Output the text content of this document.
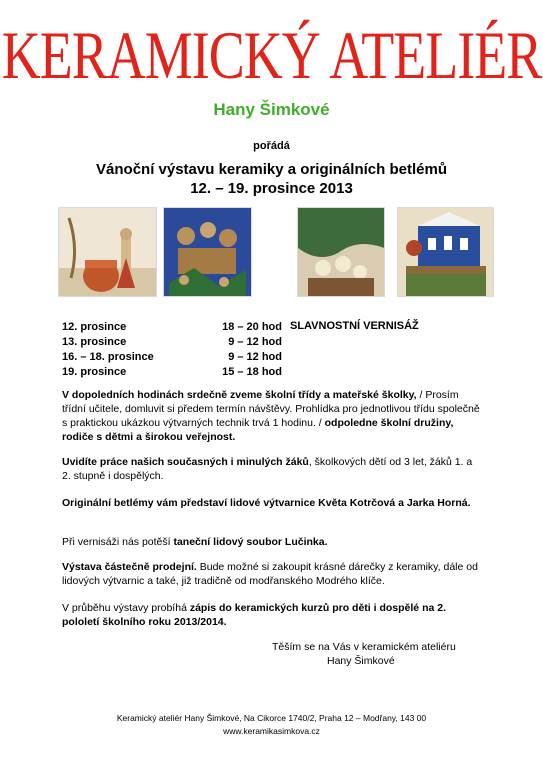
KERAMICKÝ ATELIÉR
Hany Šimkové
pořádá
Vánoční výstavu keramiky a originálních betlémů
12. – 19. prosince 2013
12. prosince	18 – 20 hod
13. prosince	9 – 12 hod
16. – 18. prosince	9 – 12 hod
19. prosince	15 – 18 hod
SLAVNOSTNÍ VERNISÁŽ
V dopoledních hodinách srdečně zveme školní třídy a mateřské školky, / Prosím třídní učitele, domluvit si předem termín návštěvy. Prohlídka pro jednotlivou třídu společně s praktickou ukázkou výtvarných technik trvá 1 hodinu. / odpoledne školní družiny, rodiče s dětmi a širokou veřejnost.
Uvidíte práce našich současných i minulých žáků, školkových dětí od 3 let, žáků 1. a 2. stupně i dospělých.
Originální betlémy vám představí lidové výtvarnice Květa Kotrčová a Jarka Horná.
Při vernisáži nás potěší taneční lidový soubor Lučinka.
Výstava částečně prodejní. Bude možné si zakoupit krásné dárečky z keramiky, dále od lidových výtvarnic a také, již tradičně od modřanského Modrého klíče.
V průběhu výstavy probíhá zápis do keramických kurzů pro děti i dospělé na 2. pololetí školního roku 2013/2014.
Těším se na Vás v keramickém ateliéru
Hany Šimkové
Keramický ateliér Hany Šimkové, Na Cikorce 1740/2, Praha 12 – Modřany, 143 00
www.keramikasimkova.cz
